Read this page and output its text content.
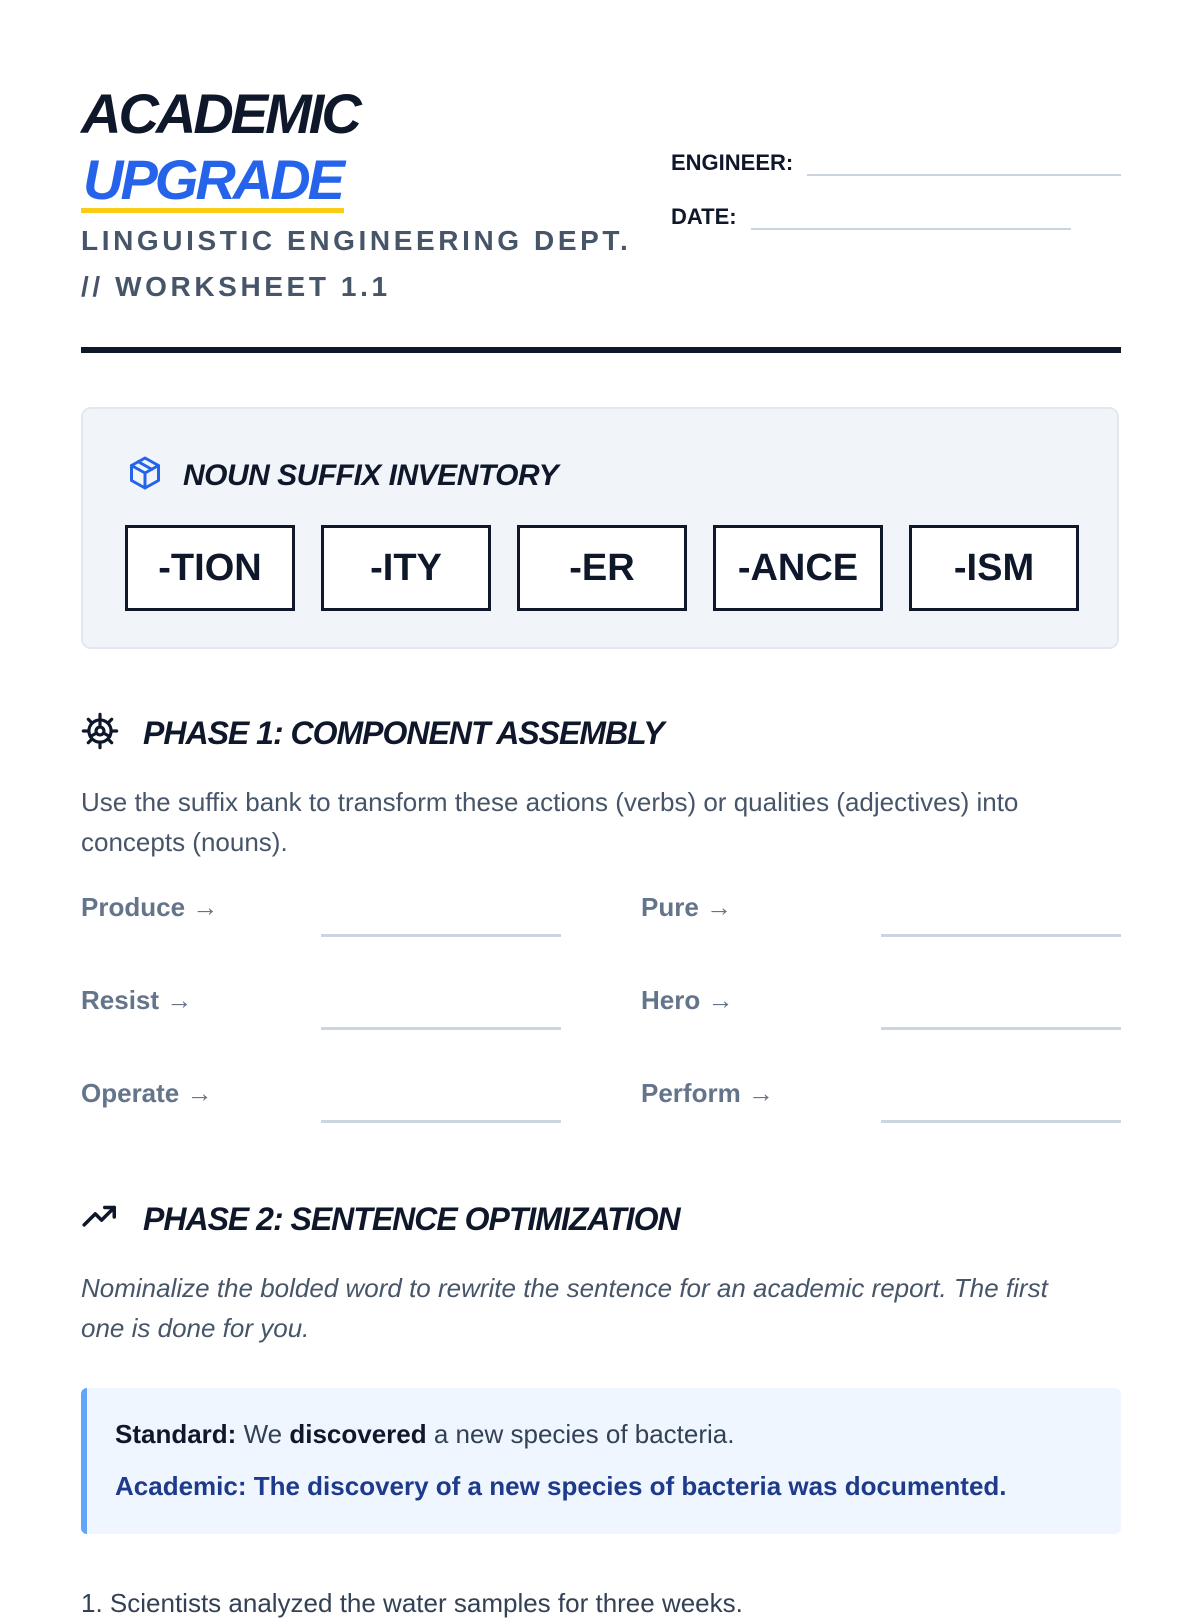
ACADEMIC
UPGRADE
LINGUISTIC ENGINEERING DEPT. // WORKSHEET 1.1
ENGINEER:
DATE:
NOUN SUFFIX INVENTORY
-TION	-ITY	-ER	-ANCE	-ISM
PHASE 1: COMPONENT ASSEMBLY
Use the suffix bank to transform these actions (verbs) or qualities (adjectives) into concepts (nouns).
Produce →	Pure →
Resist →	Hero →
Operate →	Perform →
PHASE 2: SENTENCE OPTIMIZATION
Nominalize the bolded word to rewrite the sentence for an academic report. The first one is done for you.
Standard: We discovered a new species of bacteria.
Academic: The discovery of a new species of bacteria was documented.
1. Scientists analyzed the water samples for three weeks.
